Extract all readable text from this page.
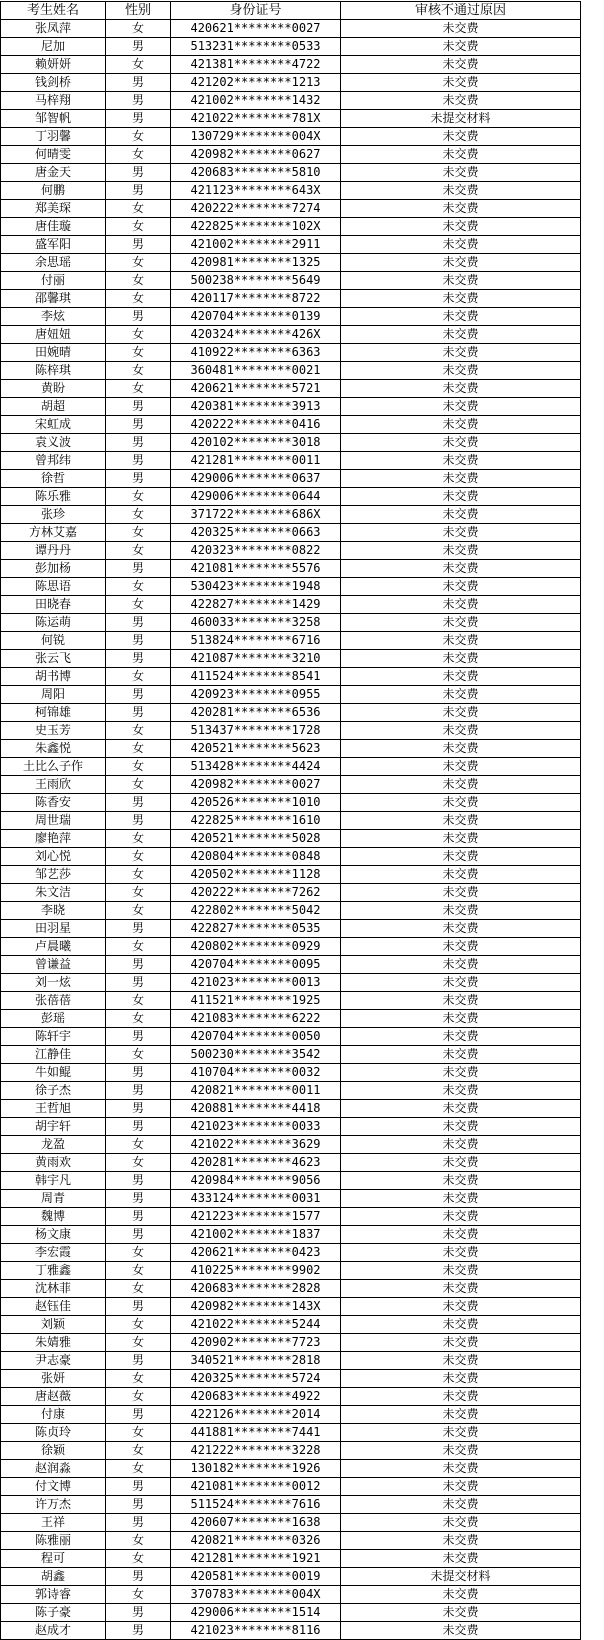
考生姓名	性别	身份证号	审核不通过原因
张凤萍	女	420621********0027	未交费
尼加	男	513231********0533	未交费
赖妍妍	女	421381********4722	未交费
钱剑桥	男	421202********1213	未交费
马梓翔	男	421002********1432	未交费
邹智帆	男	421022********781X	未提交材料
丁羽馨	女	130729********004X	未交费
何晴雯	女	420982********0627	未交费
唐金天	男	420683********5810	未交费
何鹏	男	421123********643X	未交费
郑美琛	女	420222********7274	未交费
唐佳璇	女	422825********102X	未交费
盛军阳	男	421002********2911	未交费
余思瑶	女	420981********1325	未交费
付丽	女	500238********5649	未交费
邵馨琪	女	420117********8722	未交费
李炫	男	420704********0139	未交费
唐妞妞	女	420324********426X	未交费
田婉晴	女	410922********6363	未交费
陈梓琪	女	360481********0021	未交费
黄盼	女	420621********5721	未交费
胡超	男	420381********3913	未交费
宋虹成	男	420222********0416	未交费
袁义波	男	420102********3018	未交费
曾邦纬	男	421281********0011	未交费
徐哲	男	429006********0637	未交费
陈乐雅	女	429006********0644	未交费
张珍	女	371722********686X	未交费
方林艾嘉	女	420325********0663	未交费
谭丹丹	女	420323********0822	未交费
彭加杨	男	421081********5576	未交费
陈思语	女	530423********1948	未交费
田晓春	女	422827********1429	未交费
陈运萌	男	460033********3258	未交费
何锐	男	513824********6716	未交费
张云飞	男	421087********3210	未交费
胡书博	女	411524********8541	未交费
周阳	男	420923********0955	未交费
柯锦雄	男	420281********6536	未交费
史玉芳	女	513437********1728	未交费
朱鑫悦	女	420521********5623	未交费
土比么子作	女	513428********4424	未交费
王雨欣	女	420982********0027	未交费
陈香安	男	420526********1010	未交费
周世瑞	男	422825********1610	未交费
廖艳萍	女	420521********5028	未交费
刘心悦	女	420804********0848	未交费
邹艺莎	女	420502********1128	未交费
朱文洁	女	420222********7262	未交费
李晓	女	422802********5042	未交费
田羽星	男	422827********0535	未交费
卢晨曦	女	420802********0929	未交费
曾谦益	男	420704********0095	未交费
刘一炫	男	421023********0013	未交费
张蓓蓓	女	411521********1925	未交费
彭瑶	女	421083********6222	未交费
陈轩宇	男	420704********0050	未交费
江静佳	女	500230********3542	未交费
牛如鲲	男	410704********0032	未交费
徐子杰	男	420821********0011	未交费
王哲旭	男	420881********4418	未交费
胡宇轩	男	421023********0033	未交费
龙盈	女	421022********3629	未交费
黄雨欢	女	420281********4623	未交费
韩宇凡	男	420984********9056	未交费
周青	男	433124********0031	未交费
魏博	男	421223********1577	未交费
杨文康	男	421002********1837	未交费
李宏霞	女	420621********0423	未交费
丁雅鑫	女	410225********9902	未交费
沈林菲	女	420683********2828	未交费
赵钰佳	男	420982********143X	未交费
刘颖	女	421022********5244	未交费
朱婧雅	女	420902********7723	未交费
尹志豪	男	340521********2818	未交费
张妍	女	420325********5724	未交费
唐赵薇	女	420683********4922	未交费
付康	男	422126********2014	未交费
陈贞玲	女	441881********7441	未交费
徐颖	女	421222********3228	未交费
赵润淼	女	130182********1926	未交费
付文博	男	421081********0012	未交费
许万杰	男	511524********7616	未交费
王祥	男	420607********1638	未交费
陈雅丽	女	420821********0326	未交费
程可	女	421281********1921	未交费
胡鑫	男	420581********0019	未提交材料
郭诗睿	女	370783********004X	未交费
陈子豪	男	429006********1514	未交费
赵成才	男	421023********8116	未交费
